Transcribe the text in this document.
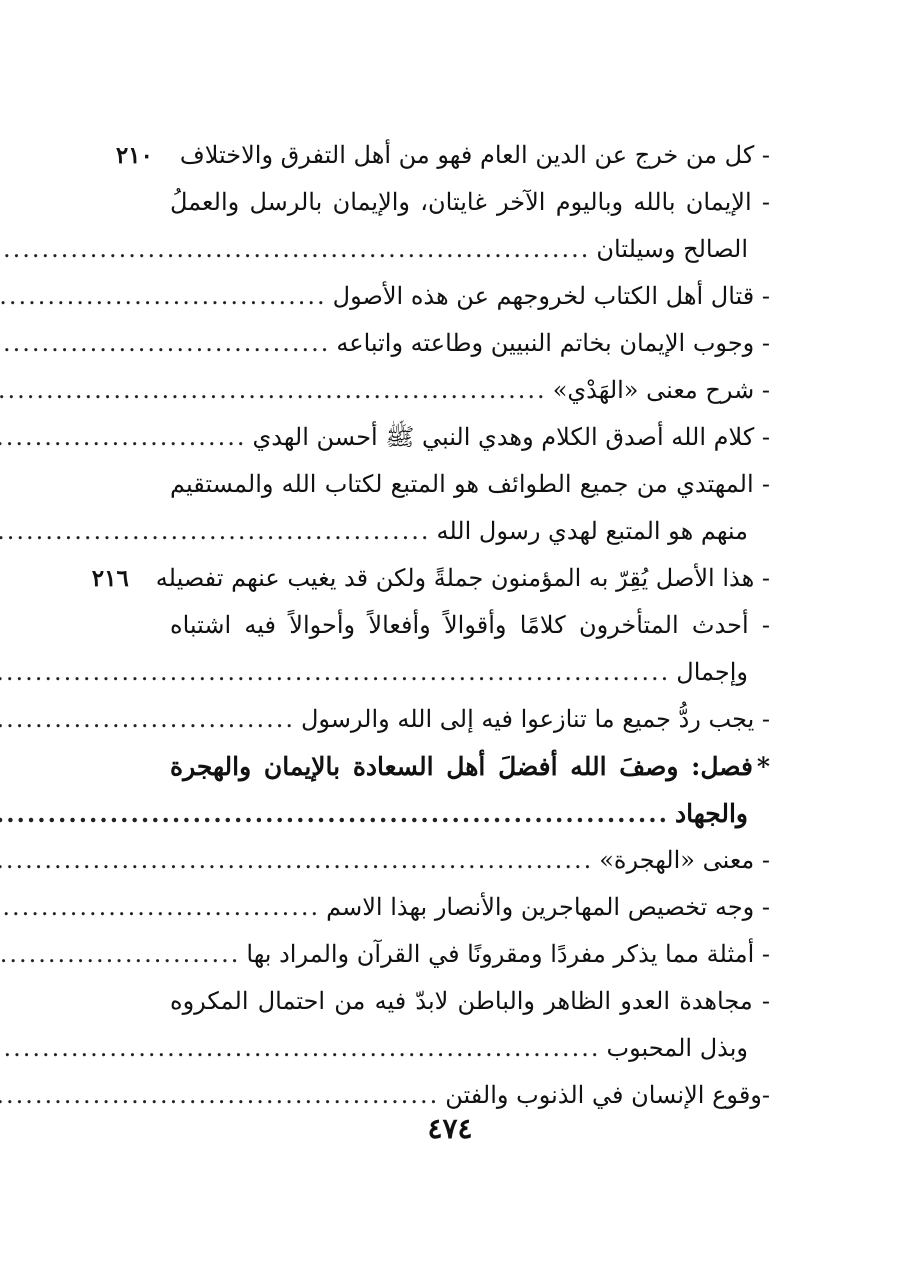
- كل من خرج عن الدين العام فهو من أهل التفرق والاختلاف
٢١٠
- الإيمان بالله وباليوم الآخر غايتان، والإيمان بالرسل والعملُ
الصالح وسيلتان
.....
- قتال أهل الكتاب لخروجهم عن هذه الأصول
.....
- وجوب الإيمان بخاتم النبيين وطاعته واتباعه
.....
- شرح معنى «الهَدْي»
.....
- كلام الله أصدق الكلام وهدي النبي ﷺ أحسن الهدي
.....
- المهتدي من جميع الطوائف هو المتبع لكتاب الله والمستقيم
منهم هو المتبع لهدي رسول الله
.....
- هذا الأصل يُقِرّ به المؤمنون جملةً ولكن قد يغيب عنهم تفصيله
٢١٦
- أحدث المتأخرون كلامًا وأقوالاً وأفعالاً وأحوالاً فيه اشتباه
وإجمال
.....
- يجب ردُّ جميع ما تنازعوا فيه إلى الله والرسول
.....
*فصل: وصفَ الله أفضلَ أهل السعادة بالإيمان والهجرة
والجهاد
.....
- معنى «الهجرة»
.....
- وجه تخصيص المهاجرين والأنصار بهذا الاسم
.....
- أمثلة مما يذكر مفردًا ومقرونًا في القرآن والمراد بها
.....
- مجاهدة العدو الظاهر والباطن لابدّ فيه من احتمال المكروه
وبذل المحبوب
.....
-وقوع الإنسان في الذنوب والفتن
.....
٤٧٤
